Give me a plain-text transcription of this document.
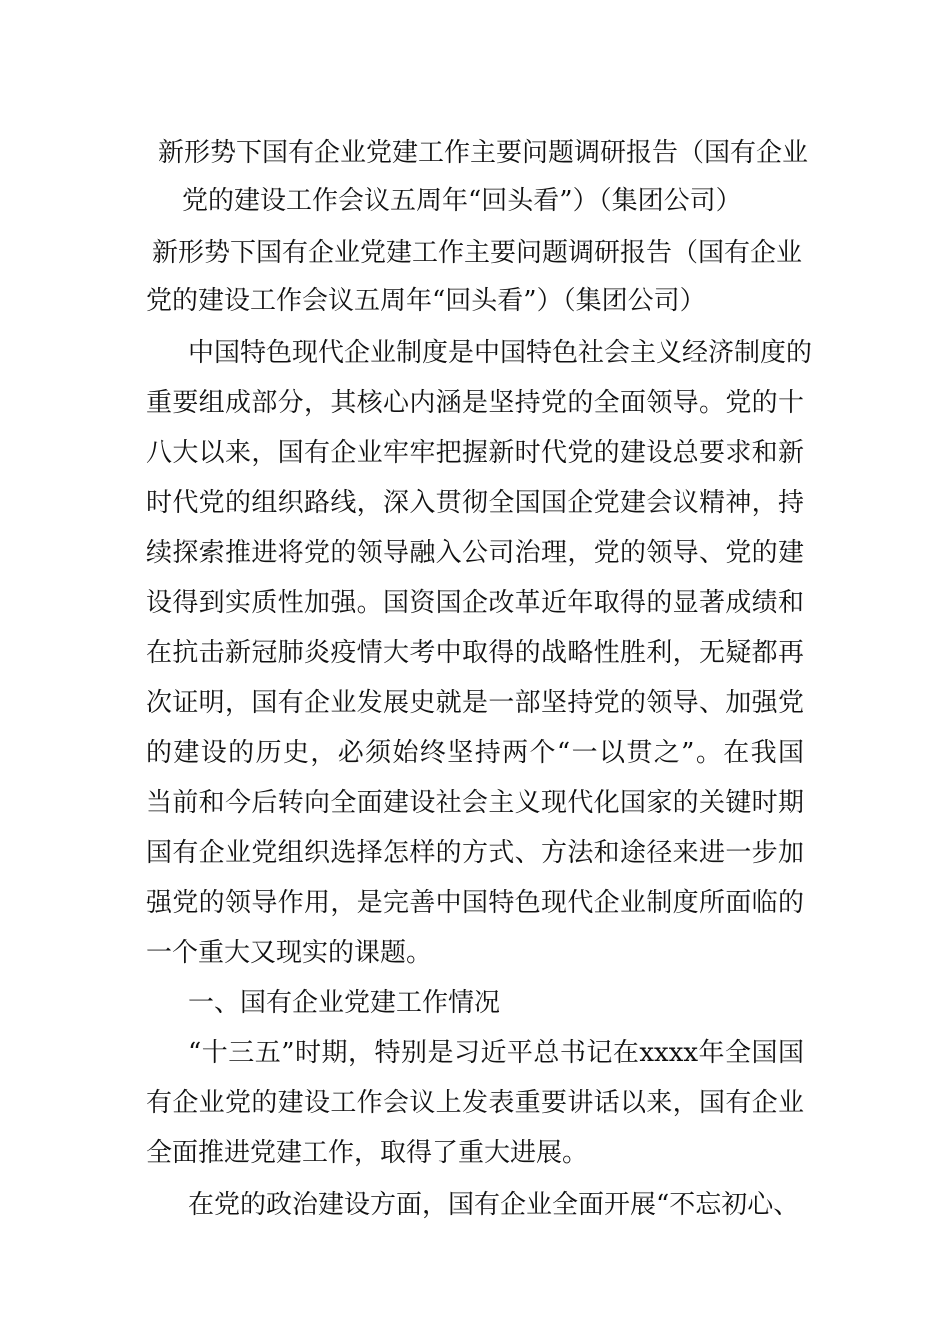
新形势下国有企业党建工作主要问题调研报告（国有企业
党的建设工作会议五周年“回头看”）（集团公司）
新形势下国有企业党建工作主要问题调研报告（国有企业
党的建设工作会议五周年“回头看”）（集团公司）
中国特色现代企业制度是中国特色社会主义经济制度的
重要组成部分，其核心内涵是坚持党的全面领导。党的十
八大以来，国有企业牢牢把握新时代党的建设总要求和新
时代党的组织路线，深入贯彻全国国企党建会议精神，持
续探索推进将党的领导融入公司治理，党的领导、党的建
设得到实质性加强。国资国企改革近年取得的显著成绩和
在抗击新冠肺炎疫情大考中取得的战略性胜利，无疑都再
次证明，国有企业发展史就是一部坚持党的领导、加强党
的建设的历史，必须始终坚持两个“一以贯之”。在我国
当前和今后转向全面建设社会主义现代化国家的关键时期
国有企业党组织选择怎样的方式、方法和途径来进一步加
强党的领导作用，是完善中国特色现代企业制度所面临的
一个重大又现实的课题。
一、国有企业党建工作情况
“十三五”时期，特别是习近平总书记在xxxx年全国国
有企业党的建设工作会议上发表重要讲话以来，国有企业
全面推进党建工作，取得了重大进展。
在党的政治建设方面，国有企业全面开展“不忘初心、
